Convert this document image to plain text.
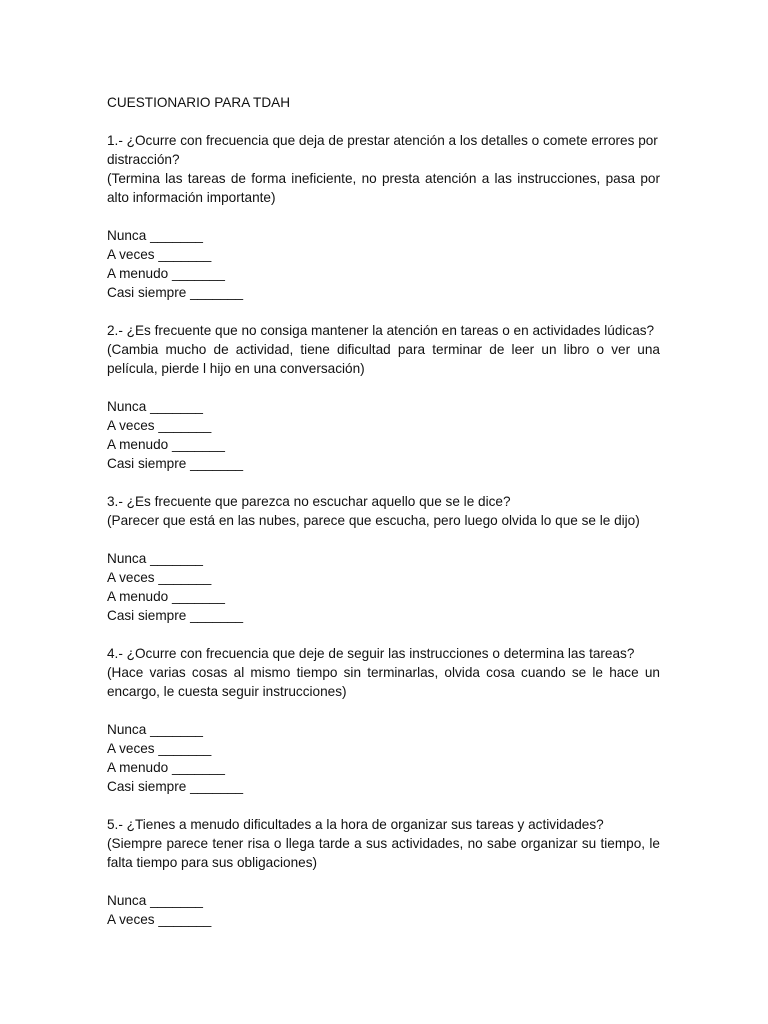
CUESTIONARIO PARA TDAH

1.- ¿Ocurre con frecuencia que deja de prestar atención a los detalles o comete errores por distracción?

(Termina las tareas de forma ineficiente, no presta atención a las instrucciones, pasa por alto información importante)

Nunca _______

A veces _______

A menudo _______

Casi siempre _______

2.- ¿Es frecuente que no consiga mantener la atención en tareas o en actividades lúdicas?

(Cambia mucho de actividad, tiene dificultad para terminar de leer un libro o ver una película, pierde l hijo en una conversación)

Nunca _______

A veces _______

A menudo _______

Casi siempre _______

3.- ¿Es frecuente que parezca no escuchar aquello que se le dice?

(Parecer que está en las nubes, parece que escucha, pero luego olvida lo que se le dijo)

Nunca _______

A veces _______

A menudo _______

Casi siempre _______

4.- ¿Ocurre con frecuencia que deje de seguir las instrucciones o determina las tareas?

(Hace varias cosas al mismo tiempo sin terminarlas, olvida cosa cuando se le hace un encargo, le cuesta seguir instrucciones)

Nunca _______

A veces _______

A menudo _______

Casi siempre _______

5.- ¿Tienes a menudo dificultades a la hora de organizar sus tareas y actividades?

(Siempre parece tener risa o llega tarde a sus actividades, no sabe organizar su tiempo, le falta tiempo para sus obligaciones)

Nunca _______

A veces _______
